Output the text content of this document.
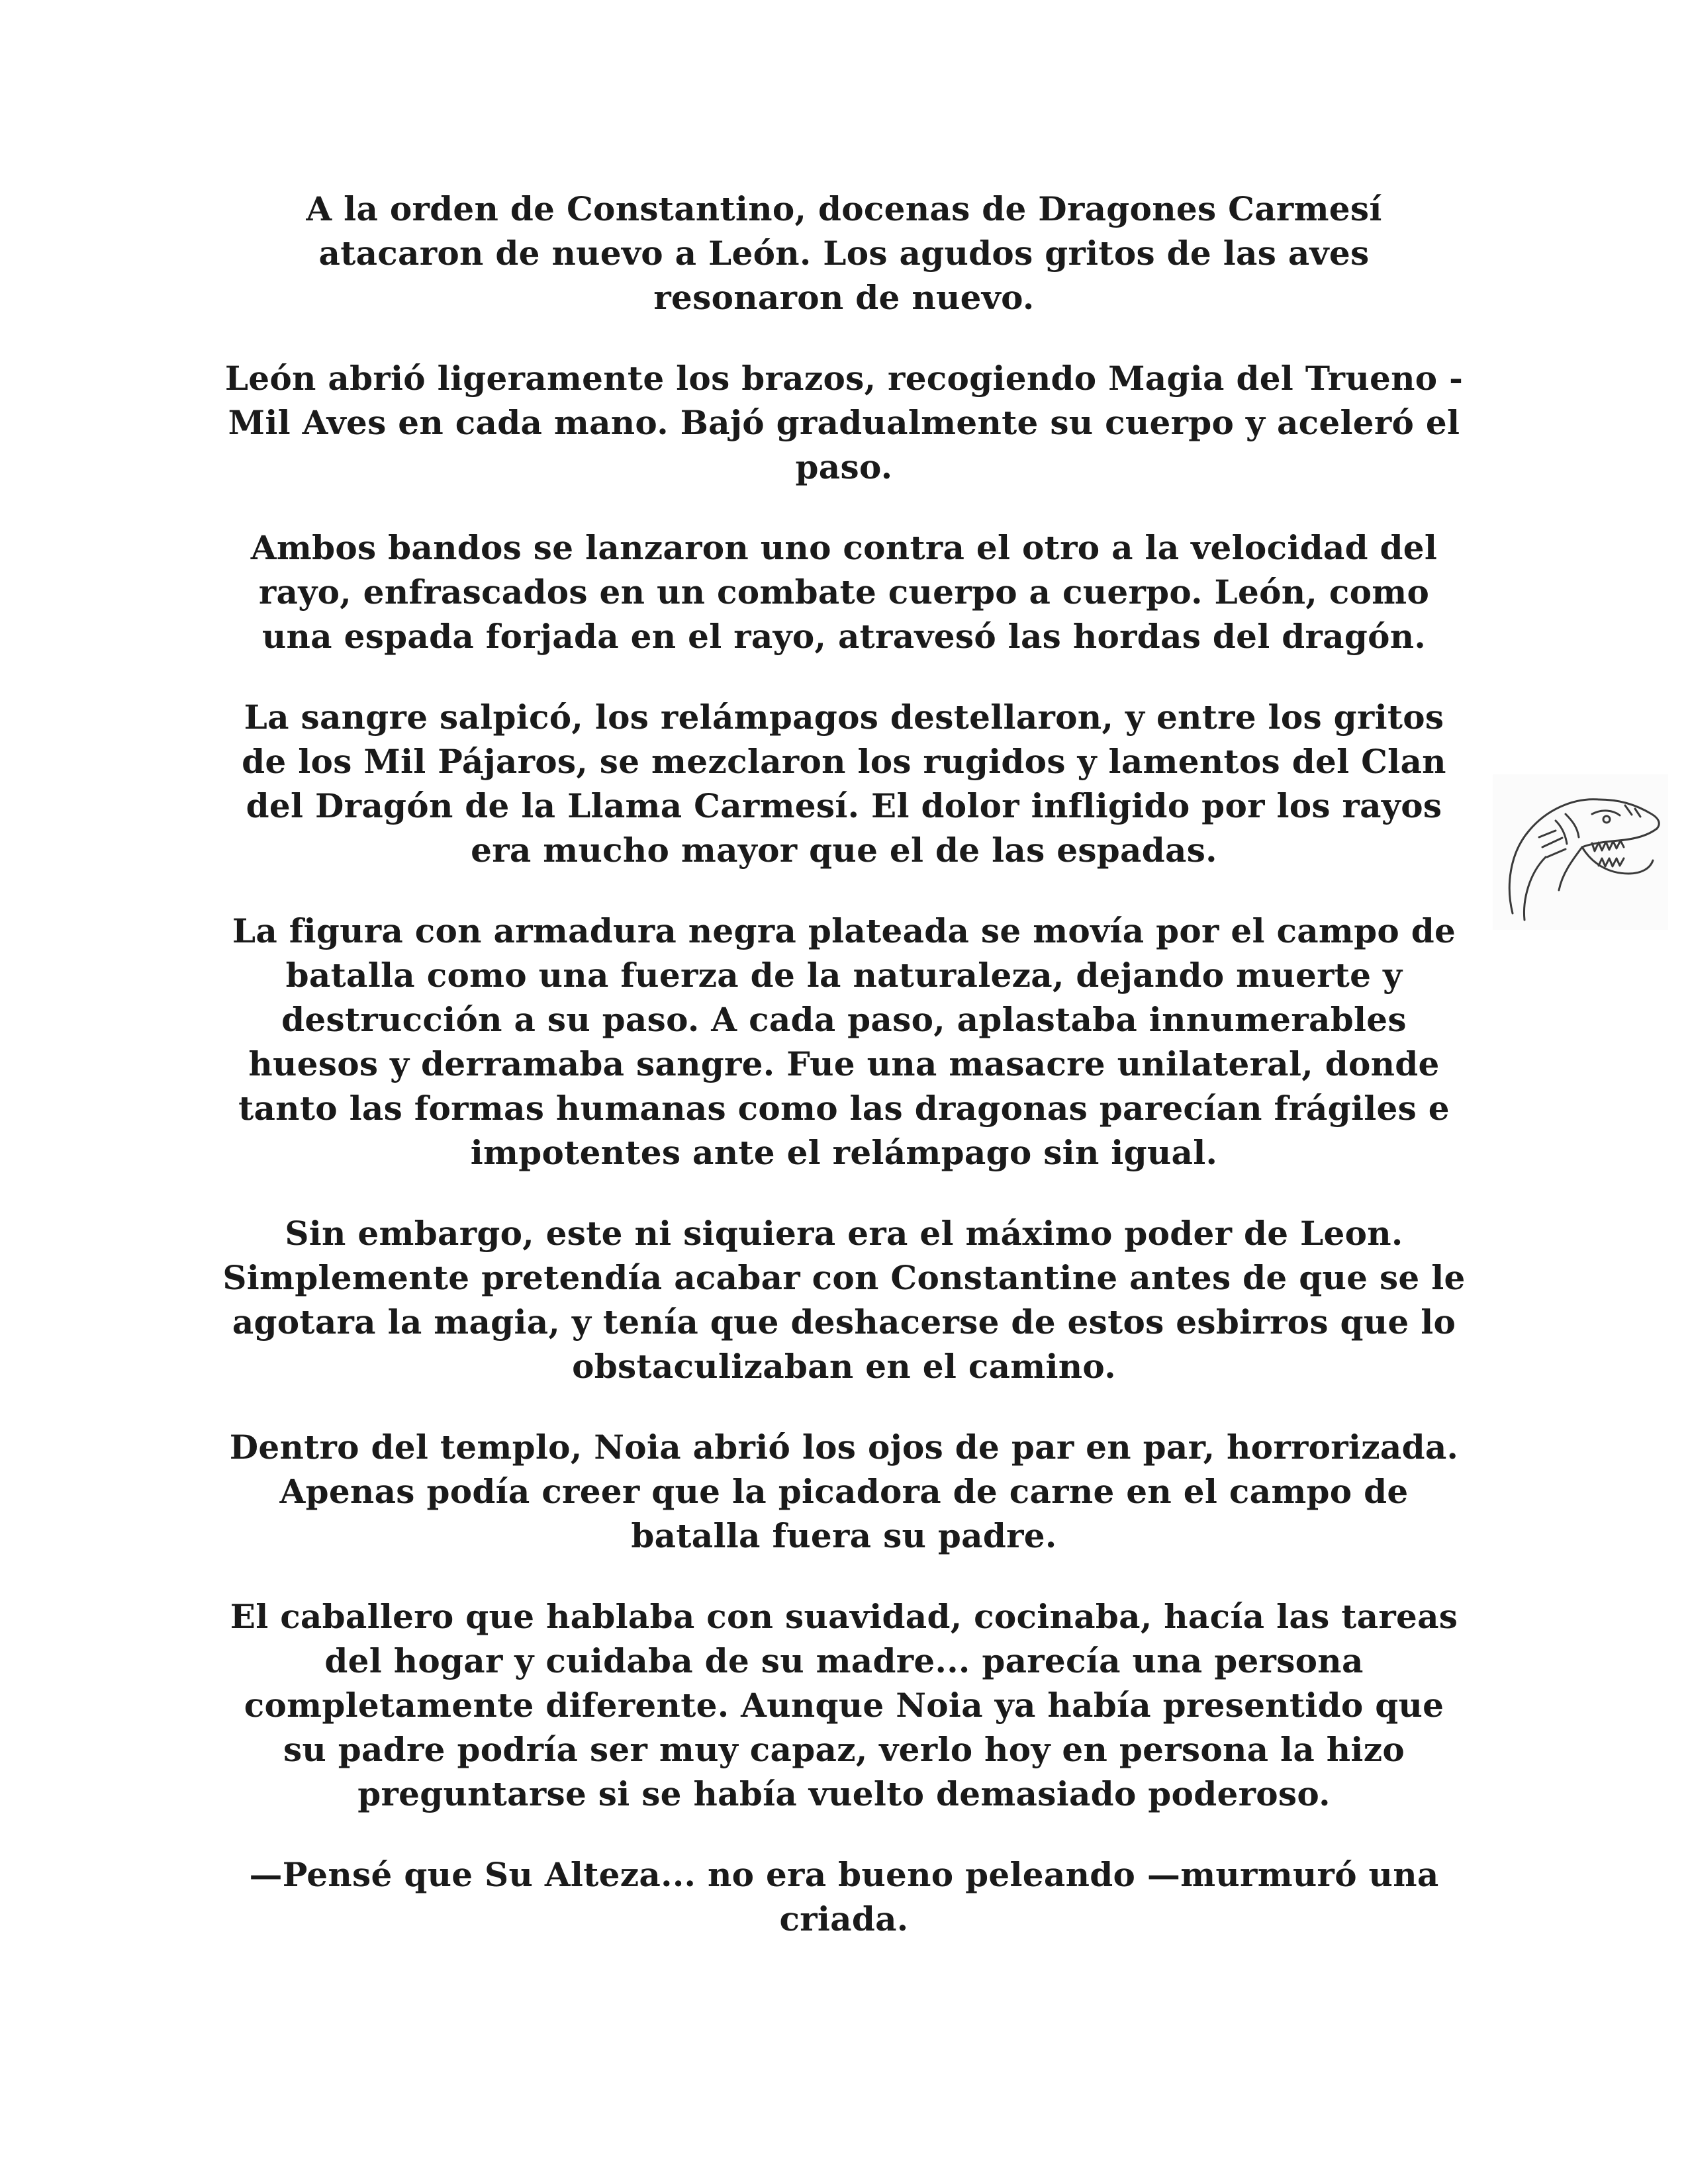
A la orden de Constantino, docenas de Dragones Carmesí atacaron de nuevo a León. Los agudos gritos de las aves resonaron de nuevo.

León abrió ligeramente los brazos, recogiendo Magia del Trueno - Mil Aves en cada mano. Bajó gradualmente su cuerpo y aceleró el paso.

Ambos bandos se lanzaron uno contra el otro a la velocidad del rayo, enfrascados en un combate cuerpo a cuerpo. León, como una espada forjada en el rayo, atravesó las hordas del dragón.

La sangre salpicó, los relámpagos destellaron, y entre los gritos de los Mil Pájaros, se mezclaron los rugidos y lamentos del Clan del Dragón de la Llama Carmesí. El dolor infligido por los rayos era mucho mayor que el de las espadas.

La figura con armadura negra plateada se movía por el campo de batalla como una fuerza de la naturaleza, dejando muerte y destrucción a su paso. A cada paso, aplastaba innumerables huesos y derramaba sangre. Fue una masacre unilateral, donde tanto las formas humanas como las dragonas parecían frágiles e impotentes ante el relámpago sin igual.

Sin embargo, este ni siquiera era el máximo poder de Leon. Simplemente pretendía acabar con Constantine antes de que se le agotara la magia, y tenía que deshacerse de estos esbirros que lo obstaculizaban en el camino.

Dentro del templo, Noia abrió los ojos de par en par, horrorizada. Apenas podía creer que la picadora de carne en el campo de batalla fuera su padre.

El caballero que hablaba con suavidad, cocinaba, hacía las tareas del hogar y cuidaba de su madre... parecía una persona completamente diferente. Aunque Noia ya había presentido que su padre podría ser muy capaz, verlo hoy en persona la hizo preguntarse si se había vuelto demasiado poderoso.

—Pensé que Su Alteza... no era bueno peleando —murmuró una criada.
